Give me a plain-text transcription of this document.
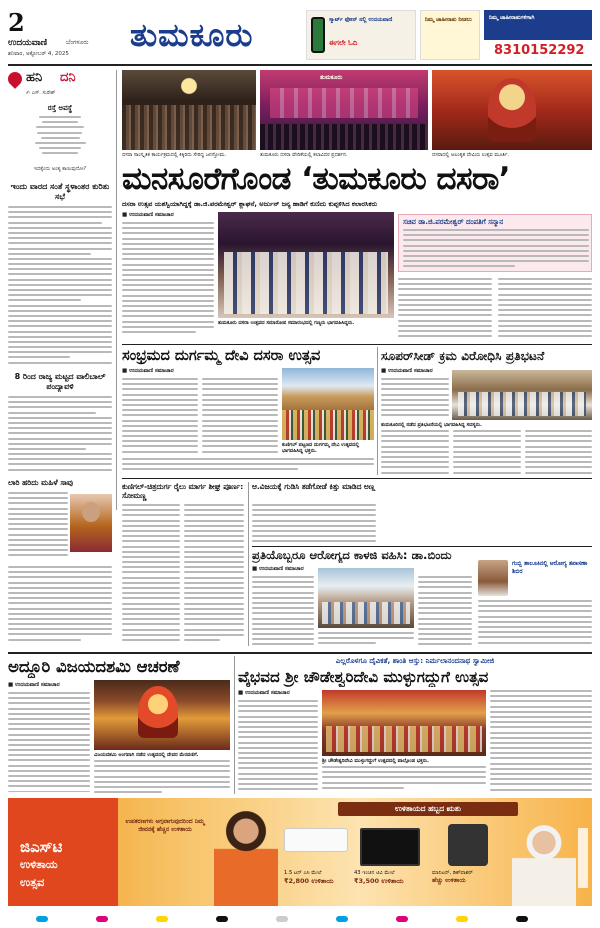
2
ಉದಯವಾಣಿ	ಬೆಂಗಳೂರು
ಶನಿವಾರ, ಅಕ್ಟೋಬರ್ 4, 2025 ತುಮಕೂರು	ಸ್ಮಾರ್ಟ್ ಫೋನ್ ನಲ್ಲಿ ಉದಯವಾಣಿ
ಈಗಲೇ ಓದಿ
ನಿಮ್ಮ ಜಾಹೀರಾತು ನೀಡಲು	ನಿಮ್ಮ ಜಾಹೀರಾತುಗಳಿಗಾಗಿ
8310152292
ಹನಿ ದನಿ
✍ ಎಸ್. ಸುರೇಶ್
ರಸ್ತೆ ಅವಸ್ಥೆ
ಇದಕ್ಕೆಂದು ಅಂತ್ಯ ಕಾಣುವುದೋ?
ಇಂದು ವಾರದ ಸಂತೆ ಸ್ಥಳಾಂತರ ಕುರಿತು ಸಭೆ
8 ರಿಂದ ರಾಜ್ಯ ಮಟ್ಟದ ವಾಲಿಬಾಲ್ ಪಂದ್ಯಾವಳಿ
ಲಾರಿ ಹರಿದು ಮಹಿಳೆ ಸಾವು
ದಸರಾ ಸಾಂಸ್ಕೃತಿಕ ಕಾರ್ಯಕ್ರಮದಲ್ಲಿ ಕಿಕ್ಕಿರಿದು ಸೇರಿದ್ದ ಜನಸ್ತೋಮ.
ತುಮಕೂರು
ತುಮಕೂರು ದಸರಾ ವೇದಿಕೆಯಲ್ಲಿ ಕಲಾವಿದರ ಪ್ರದರ್ಶನ.	ದಸರಾದಲ್ಲಿ ಅಲಂಕೃತ ದೇವಿಯ ಉತ್ಸವ ಮೂರ್ತಿ.
ಮನಸೂರೆಗೊಂಡ ‘ತುಮಕೂರು ದಸರಾ’
ದಸರಾ ಉತ್ಸವ ಯಶಸ್ವಿಯಾಗಿದ್ದಕ್ಕೆ ಡಾ.ಜಿ.ಪರಮೇಶ್ವರ್ ಶ್ಲಾಘನೆ, ಅರ್ಜುನ್ ಜನ್ಯ ಹಾಡಿಗೆ ಕುಣಿದು ಕುಪ್ಪಳಿಸಿದ ಕಲಾರಸಿಕರು
■ ಉದಯವಾಣಿ ಸಮಾಚಾರ
ತುಮಕೂರು ದಸರಾ ಉತ್ಸವದ ಸಮಾರೋಪ ಸಮಾರಂಭದಲ್ಲಿ ಗಣ್ಯರು ಭಾಗವಹಿಸಿದ್ದರು.
ಸಚಿವ ಡಾ.ಜಿ.ಪರಮೇಶ್ವರ್ ದಂಪತಿಗೆ ಸನ್ಮಾನ
ಸಂಭ್ರಮದ ದುರ್ಗಮ್ಮ ದೇವಿ ದಸರಾ ಉತ್ಸವ
■ ಉದಯವಾಣಿ ಸಮಾಚಾರ
ಕುಣಿಗಲ್ ಪಟ್ಟಣದ ದುರ್ಗಮ್ಮ ದೇವಿ ಉತ್ಸವದಲ್ಲಿ ಭಾಗವಹಿಸಿದ್ದ ಭಕ್ತರು.
ಸೂಪರ್‌ಸೀಡ್ ಕ್ರಮ ವಿರೋಧಿಸಿ ಪ್ರತಿಭಟನೆ
■ ಉದಯವಾಣಿ ಸಮಾಚಾರ
ತುಮಕೂರಿನಲ್ಲಿ ನಡೆದ ಪ್ರತಿಭಟನೆಯಲ್ಲಿ ಭಾಗವಹಿಸಿದ್ದ ಸದಸ್ಯರು.
ಕುಣಿಗಲ್-ಚಿತ್ರದುರ್ಗ ರೈಲು ಮಾರ್ಗ ಶೀಘ್ರ ಪೂರ್ಣ: ಸೋಮಣ್ಣ
ಆ.ವಿಜಯಕ್ಕೆ ಗುಡಿಸಿ ತಡೆಗೋಡೆ ಕಿತ್ತು ಮಾಡಿದ ಅಣ್ಣ
ಪ್ರತಿಯೊಬ್ಬರೂ ಆರೋಗ್ಯದ ಕಾಳಜಿ ವಹಿಸಿ: ಡಾ.ಬಿಂದು
■ ಉದಯವಾಣಿ ಸಮಾಚಾರ
ಗುಬ್ಬಿ ತಾಲೂಕಿನಲ್ಲಿ ಆರೋಗ್ಯ ತಪಾಸಣಾ ಶಿಬಿರ
ಅದ್ದೂರಿ ವಿಜಯದಶಮಿ ಆಚರಣೆ
■ ಉದಯವಾಣಿ ಸಮಾಚಾರ
ವಿಜಯದಶಮಿ ಅಂಗವಾಗಿ ನಡೆದ ಉತ್ಸವದಲ್ಲಿ ದೇವರ ಮೆರವಣಿಗೆ.
ಎಲ್ಲರೊಳಗೂ ದೈವಿಕತೆ, ಶಾಂತಿ ಆಸ್ತು: ನಿರ್ಮಲಾನಂದನಾಥ ಸ್ವಾಮೀಜಿ
ವೈಭವದ ಶ್ರೀ ಚೌಡೇಶ್ವರಿದೇವಿ ಮುಳ್ಳುಗದ್ದುಗೆ ಉತ್ಸವ
■ ಉದಯವಾಣಿ ಸಮಾಚಾರ
ಶ್ರೀ ಚೌಡೇಶ್ವರಿದೇವಿ ಮುಳ್ಳುಗದ್ದುಗೆ ಉತ್ಸವದಲ್ಲಿ ಪಾಲ್ಗೊಂಡ ಭಕ್ತರು.
ಜಿಎಸ್‌ಟಿ
ಉಳಿತಾಯ
ಉತ್ಸವ
ಉಳಿತಾಯದ ಹಬ್ಬದ ಋತು
ಉಪಕರಣಗಳು ಅಗ್ಗವಾಗುವುದರಿಂದ ನಿಮ್ಮ ಜೀವನಕ್ಕೆ ಹೆಚ್ಚಿನ ಉಳಿತಾಯ
1.5 ಟನ್ ಎಸಿ ಮೇಲೆ
₹2,800 ಉಳಿತಾಯ
43 ಇಂಚಿನ ಟಿವಿ ಮೇಲೆ
₹3,500 ಉಳಿತಾಯ
ಮಾನಿಟರ್, ಡಿಶ್‌ವಾಶರ್
ಹೆಚ್ಚು ಉಳಿತಾಯ
